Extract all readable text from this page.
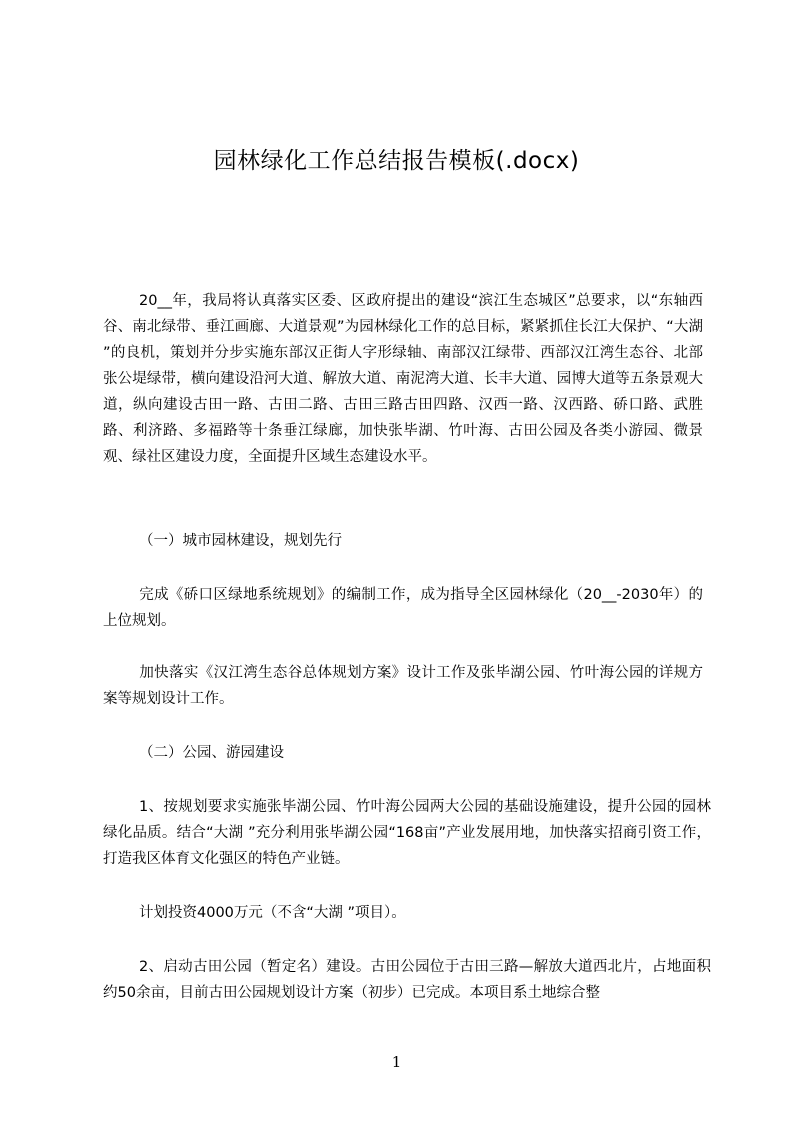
园林绿化工作总结报告模板(.docx)
20__年，我局将认真落实区委、区政府提出的建设“滨江生态城区”总要求，以“东轴西谷、南北绿带、垂江画廊、大道景观”为园林绿化工作的总目标，紧紧抓住长江大保护、“大湖 ”的良机，策划并分步实施东部汉正街人字形绿轴、南部汉江绿带、西部汉江湾生态谷、北部张公堤绿带，横向建设沿河大道、解放大道、南泥湾大道、长丰大道、园博大道等五条景观大道，纵向建设古田一路、古田二路、古田三路古田四路、汉西一路、汉西路、硚口路、武胜路、利济路、多福路等十条垂江绿廊，加快张毕湖、竹叶海、古田公园及各类小游园、微景观、绿社区建设力度，全面提升区域生态建设水平。
（一）城市园林建设，规划先行
完成《硚口区绿地系统规划》的编制工作，成为指导全区园林绿化（20__-2030年）的上位规划。
加快落实《汉江湾生态谷总体规划方案》设计工作及张毕湖公园、竹叶海公园的详规方案等规划设计工作。
（二）公园、游园建设
1、按规划要求实施张毕湖公园、竹叶海公园两大公园的基础设施建设，提升公园的园林绿化品质。结合“大湖 ”充分利用张毕湖公园“168亩”产业发展用地，加快落实招商引资工作，打造我区体育文化强区的特色产业链。
计划投资4000万元（不含“大湖 ”项目）。
2、启动古田公园（暂定名）建设。古田公园位于古田三路—解放大道西北片，占地面积约50余亩，目前古田公园规划设计方案（初步）已完成。本项目系土地综合整
1
